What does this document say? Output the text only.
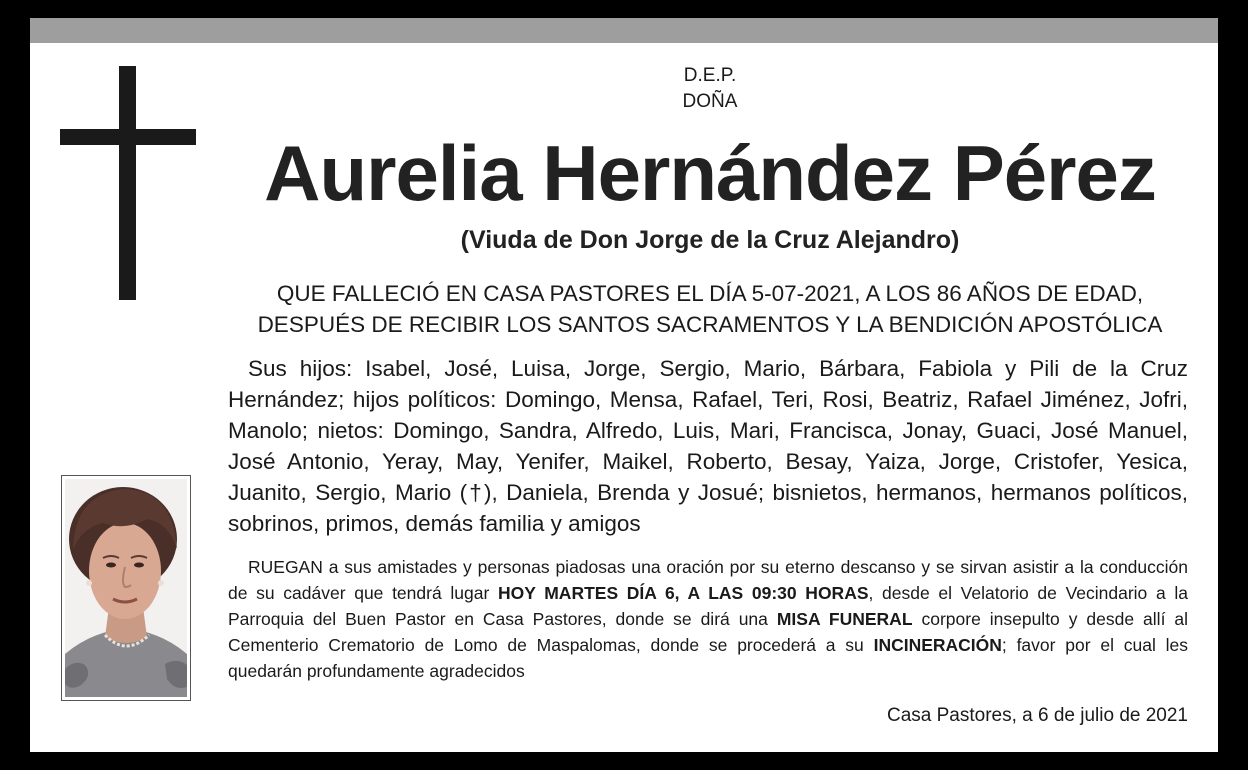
D.E.P.
DOÑA
Aurelia Hernández Pérez
(Viuda de Don Jorge de la Cruz Alejandro)
QUE FALLECIÓ EN CASA PASTORES EL DÍA 5-07-2021, A LOS 86 AÑOS DE EDAD,
DESPUÉS DE RECIBIR LOS SANTOS SACRAMENTOS Y LA BENDICIÓN APOSTÓLICA
Sus hijos: Isabel, José, Luisa, Jorge, Sergio, Mario, Bárbara, Fabiola y Pili de la Cruz Hernández; hijos políticos: Domingo, Mensa, Rafael, Teri, Rosi, Beatriz, Rafael Jiménez, Jofri, Manolo; nietos: Domingo, Sandra, Alfredo, Luis, Mari, Francisca, Jonay, Guaci, José Manuel, José Antonio, Yeray, May, Yenifer, Maikel, Roberto, Besay, Yaiza, Jorge, Cristofer, Yesica, Juanito, Sergio, Mario (†), Daniela, Brenda y Josué; bisnietos, hermanos, hermanos políticos, sobrinos, primos, demás familia y amigos
RUEGAN a sus amistades y personas piadosas una oración por su eterno descanso y se sirvan asistir a la conducción de su cadáver que tendrá lugar HOY MARTES DÍA 6, A LAS 09:30 HORAS, desde el Velatorio de Vecindario a la Parroquia del Buen Pastor en Casa Pastores, donde se dirá una MISA FUNERAL corpore insepulto y desde allí al Cementerio Crematorio de Lomo de Maspalomas, donde se procederá a su INCINERACIÓN; favor por el cual les quedarán profundamente agradecidos
Casa Pastores, a 6 de julio de 2021
